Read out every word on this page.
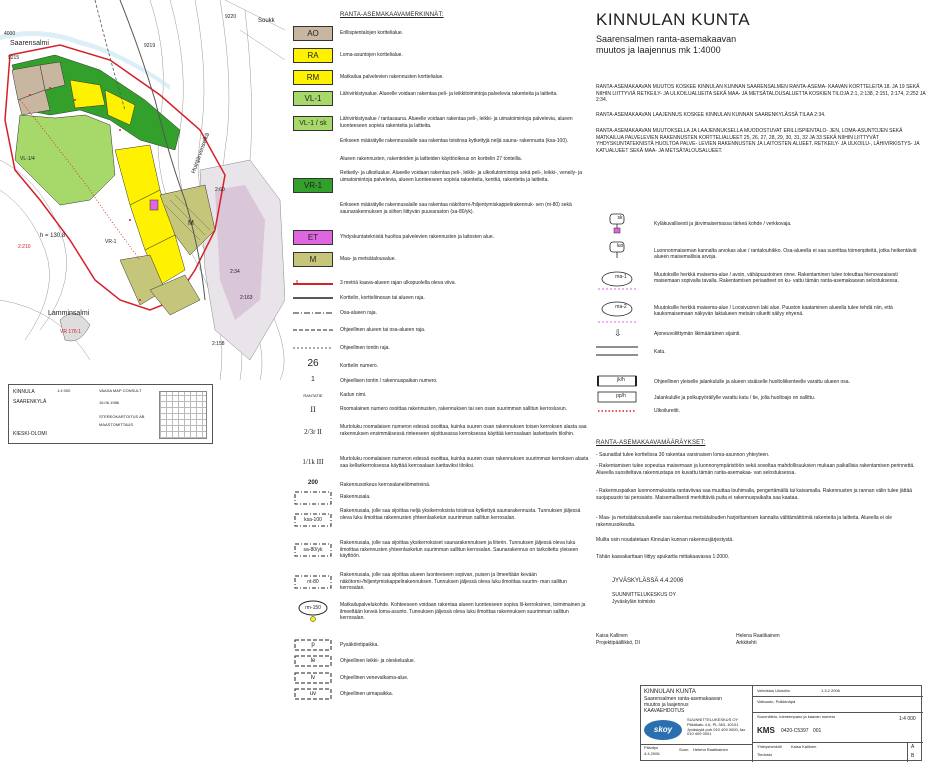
Saarensalmi
Lamminsalmi
h = 130,8
Huinjärvenselkä
Soukk
9220
9219
9215
2:210
2:163
2:158
2:60
VL-1/4
VR-1
M
4000
VR 176:1
2:34
KINNULA
SAARENKYLÄ
KIESKI-OLOMI
VAASA MAP CONSULT
1:4 000
16.06.1986
STEREOKARTOITUS AB
MAASTOMITTAUS
RANTA-ASEMAKAAVAMERKINNÄT:
AO	Erillispientalojen korttelialue.
RA	Loma-asuntojen korttelialue.
RM	Matkailua palvelevien rakennusten korttelialue.
VL-1	Lähivirkistysalue. Alueelle voidaan rakentaa peli- ja leikkitoimintoja palvelevia rakenteita ja laitteita.
VL-1 / sk
Lähivirkistysalue / rantasauna. Alueelle voidaan rakentaa peli-, leikki- ja uimatoimintoja palvelevia, alueen luonteeseen sopivia rakenteita ja laitteita.
Erikseen määrätylle rakennusalalle saa rakentaa toisiinsa kytkettyjä neljä sauna- rakennusta (ksa-100).
Alueen rakennusten, rakenteiden ja laitteiden käyttöoikeus on korttelin 27 tonteilla.
VR-1
Retkeily- ja ulkoilualue. Alueelle voidaan rakentaa peli-, leikki- ja ulkoilutoimintoja sekä peli-, leikki-, veneily- ja uimatoimintoja palvelevia, alueen luonteeseen sopivia rakenteita, kenttiä, rakenteita ja laitteita.
Erikseen määrätylle rakennusalalle saa rakentaa näkötorni-/hiljentymiskappelirakennuk- sen (nt-80) sekä saunarakennuksen ja siihen liittyvän puuvaraston (sa-80/yk).
ET	Yhdyskuntateknistä huoltoa palvelevien rakennusten ja laitosten alue.
M	Maa- ja metsätalousalue.
3 metriä kaava-alueen rajan ulkopuolella oleva viiva.
Korttelin, kortteliinosan tai alueen raja.
Osa-alueen raja.
Ohjeellinen alueen tai osa-alueen raja.
Ohjeellinen tontin raja.
26	Korttelin numero.
1	Ohjeellisen tontin / rakennuspaikan numero.
RANTATIE	Kadun nimi.
II	Roomalainen numero osoittaa rakennusten, rakennuksen tai sen osan suurimman sallitun kerrosluvun.
2/3r II
Murtoluku roomalaisen numeron edessä osoittaa, kuinka suuren osan rakennuksen toisen kerroksen alasta saa rakennuksen ensimmäisessä rinteeseen sijoittuvassa kerroksessa käyttää kerrosalaan laskettaviin tiloihin.
1/1k III	Murtoluku roomalaisen numeron edessä osoittaa, kuinka suuren osan rakennuksen suurimman kerroksen alasta saa kellarikerroksessa käyttää kerrosalaan luettaviksi tiloiksi.
200	Rakennusoikeus kerrosalaneliömetreinä.
Rakennusala.
ksa-100
Rakennusala, jolle saa sijoittaa neljä yksikerroksista toisiinsa kytkettyä saunarakennusta. Tunnuksen jäljessä oleva luku ilmoittaa rakennusten yhteenlasketun suurimman sallitun kerrosalan.
sa-80/yk
Rakennusala, jolle saa sijoittaa yksikerroksiset saunarakennuksen ja liiterin. Tunnuksen jäljessä oleva luku ilmoittaa rakennusten yhteenlasketun suurimman sallitun kerrosalan. Saunarakennus on tarkoitettu yleiseen käyttöön.
nt-80
Rakennusala, jolle saa sijoittaa alueen luonteeseen sopivan, puisen ja ilmeeltään kevään näkötorni-/hiljentymiskappelirakennuksen. Tunnuksen jäljessä oleva luku ilmoittaa suurim- man sallitun kerrosalan.
rm-150	Matkailupalvelukohde. Kohteeseen voidaan rakentaa alueen luonteeseen sopiva lil-kerroksinen, toimimainen ja ilmeeltään keveä loma-asunto. Tunnuksen jäljessä oleva luku ilmoittaa rakennuksen suurimman sallitun kerrosalan.
p	Pysäköintipaikka.
le	Ohjeellinen leikki- ja oleskelualue.
lv	Ohjeellinen venevalkama-alue.
uv	Ohjeellinen uimapaikka.
KINNULAN KUNTA
Saarensalmen ranta-asemakaavan
muutos ja laajennus mk 1:4000
RANTA-ASEMAKAAVAN MUUTOS KOSKEE KINNULAN KUNNAN SAARENSALMEN RANTA-ASEMA- KAAVAN KORTTELEITA 18. JA 19 SEKÄ NIIHIN LIITTYVIÄ RETKEILY- JA ULKOILUALUEITA SEKÄ MAA- JA METSÄTALOUSALUETTA KOSKIEN TILOJA 2:1, 2:138, 2:151, 2:174, 2:252 JA 2:34.
RANTA-ASEMAKAAVAN LAAJENNUS KOSKEE KINNULAN KUNNAN SAARENKYLÄSSÄ TILAA 2:34.
RANTA-ASEMAKAAVAN MUUTOKSELLA JA LAAJENNUKSELLA MUODOSTUVAT ERILLISPIENTALO- JEN, LOMA-ASUNTOJEN SEKÄ MATKAILUA PALVELEVIEN RAKENNUSTEN KORTTELIALUEET 25, 26, 27, 28, 29, 30, 31, 32 JA 33 SEKÄ NIIHIN LIITTYVÄT YHDYSKUNTATEKNISTÄ HUOLTOA PALVE- LEVIEN RAKENNUSTEN JA LAITOSTEN ALUEET, RETKEILY- JA ULKOILU-, LÄHIVIRKISTYS- JA KATUALUEET SEKÄ MAA- JA METSÄTALOUSALUEET.
sk
Kyläkuvallisesti ja järvimaisemassa tärkeä kohde / verkkovaja.
luo
Luonnonmaiseman kannalta arvokas alue / rantalouhikko. Osa-alueella ei saa suorittaa toimenpiteitä, jotka heikentävät alueen maisemallisia arvoja.
ma-1	Muutoksille herkkä maisema-alue / avoin, vähäpuustoinen rinne. Rakentaminen tulee toteuttaa hienovaraisesti maisemaan sopivalla tavalla. Rakentamisen periaatteet on ku- vattu tämän ranta-asemakaavan selostuksessa.
ma-2	Muutoksille herkkä maisema-alue / Loosivuoren laki alue. Puuston kaataminen alueella tulee tehdä niin, että kaukomaisemaan näkyvän lakialueen metsän siluetti säilyy ehyenä.
⇩	Ajoneuvoliittymän likimääräinen sijainti.
Katu.
jk/h	Ohjeellinen yleiselle jalankululle ja alueen sisäiselle huoltoliikenteelle varattu alueen osa.
pp/h	Jalankululle ja polkupyöräilylle varattu katu / tie, jolla huoltoajo on sallittu.
Ulkoilureitti.
RANTA-ASEMAKAAVAMÄÄRÄYKSET:
- Saunatilat tulee korttelissa 30 rakentaa varsinaisen loma-asunnon yhteyteen.
- Rakentamisen tulee sopeutua maisemaan ja luonnonympäristöön sekä soveltaa mahdollisuuksien mukaan paikallisia rakentamisen perinnettä. Alueella suositeltava rakennustapa on kuvattu tämän ranta-asemakaa- van selostuksessa.
- Rakennuspaikan luonnonmukaista rantaviivaa saa muuttaa louhimalla, pengertämällä tai kaivamalla. Rakennusten ja rannan välin tulee jättää suojapuusto tai pensaisto. Maisemallisesti merkittäviä puita ei rakennuspaikalta saa kaataa.
- Maa- ja metsätalousalueelle saa rakentaa metsätalouden harjoittamisen kannalta välttämättömiä rakenteita ja laitteita. Alueella ei ole rakennusoikeutta.
Muilta osin noudatetaan Kinnulan kunnan rakennusjärjestystä.
Tähän kaavakarttaan liittyy apukartta mittakaavassa 1:2000.
JYVÄSKYLÄSSÄ 4.4.2006
SUUNNITTELUKESKUS OY
Jyväskylän toimisto
Kaisa Kallinen
Projektipäällikkö, DI
Helena Raatikainen
Arkkitehti
KINNULAN KUNTA
Saarensalmen ranta-asemakaavan
muutos ja laajennus
KAAVAEHDOTUS
skoy
SUUNNITTELUKESKUS OY Pitkäkatu 4 A, PL 363, 40101 Jyväskylä puh 010 409 0000, fax 010 409 0001
Päiväys
4.4.2006
Suun. Helena Raatikainen
Vahvistus Ulosotto	1.3.2.2006
Valtuusto, Pulkkinäpä
Suunnittelu, toimeenpano ja kaavan numero	1:4 000
KMS 0420-C5397 001
Yhteyshenkilö Kaisa Kallinen
Tiedosto
A
B
